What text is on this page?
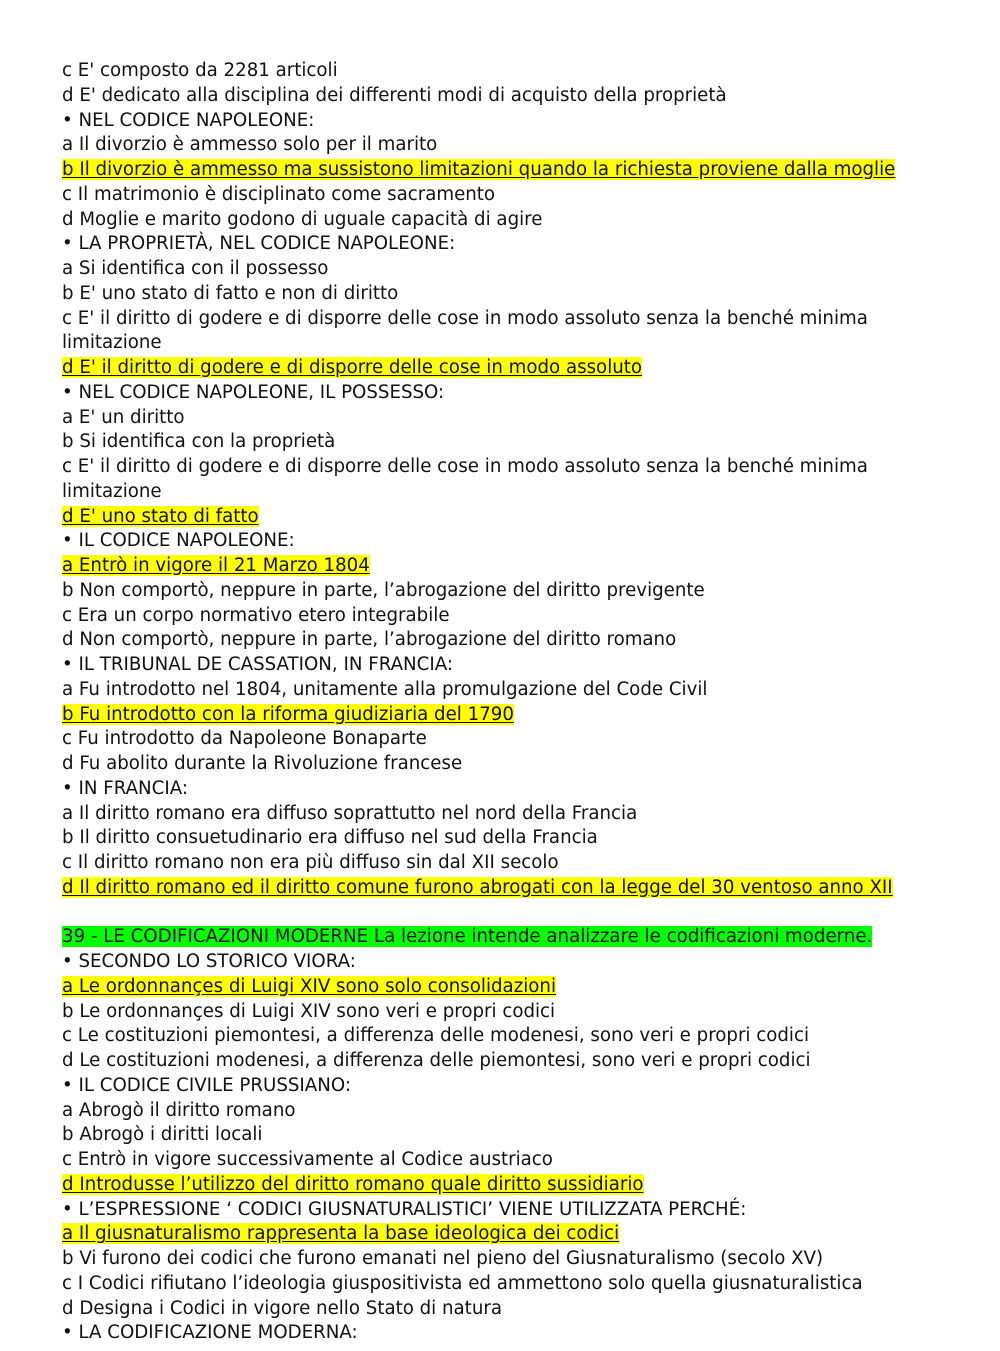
c E' composto da 2281 articoli
d E' dedicato alla disciplina dei differenti modi di acquisto della proprietà
• NEL CODICE NAPOLEONE:
a Il divorzio è ammesso solo per il marito
b Il divorzio è ammesso ma sussistono limitazioni quando la richiesta proviene dalla moglie
c Il matrimonio è disciplinato come sacramento
d Moglie e marito godono di uguale capacità di agire
• LA PROPRIETÀ, NEL CODICE NAPOLEONE:
a Si identifica con il possesso
b E' uno stato di fatto e non di diritto
c E' il diritto di godere e di disporre delle cose in modo assoluto senza la benché minima
limitazione
d E' il diritto di godere e di disporre delle cose in modo assoluto
• NEL CODICE NAPOLEONE, IL POSSESSO:
a E' un diritto
b Si identifica con la proprietà
c E' il diritto di godere e di disporre delle cose in modo assoluto senza la benché minima
limitazione
d E' uno stato di fatto
• IL CODICE NAPOLEONE:
a Entrò in vigore il 21 Marzo 1804
b Non comportò, neppure in parte, l’abrogazione del diritto previgente
c Era un corpo normativo etero integrabile
d Non comportò, neppure in parte, l’abrogazione del diritto romano
• IL TRIBUNAL DE CASSATION, IN FRANCIA:
a Fu introdotto nel 1804, unitamente alla promulgazione del Code Civil
b Fu introdotto con la riforma giudiziaria del 1790
c Fu introdotto da Napoleone Bonaparte
d Fu abolito durante la Rivoluzione francese
• IN FRANCIA:
a Il diritto romano era diffuso soprattutto nel nord della Francia
b Il diritto consuetudinario era diffuso nel sud della Francia
c Il diritto romano non era più diffuso sin dal XII secolo
d Il diritto romano ed il diritto comune furono abrogati con la legge del 30 ventoso anno XII
39 - LE CODIFICAZIONI MODERNE La lezione intende analizzare le codificazioni moderne.
• SECONDO LO STORICO VIORA:
a Le ordonnançes di Luigi XIV sono solo consolidazioni
b Le ordonnançes di Luigi XIV sono veri e propri codici
c Le costituzioni piemontesi, a differenza delle modenesi, sono veri e propri codici
d Le costituzioni modenesi, a differenza delle piemontesi, sono veri e propri codici
• IL CODICE CIVILE PRUSSIANO:
a Abrogò il diritto romano
b Abrogò i diritti locali
c Entrò in vigore successivamente al Codice austriaco
d Introdusse l’utilizzo del diritto romano quale diritto sussidiario
• L’ESPRESSIONE ‘ CODICI GIUSNATURALISTICI’ VIENE UTILIZZATA PERCHÉ:
a Il giusnaturalismo rappresenta la base ideologica dei codici
b Vi furono dei codici che furono emanati nel pieno del Giusnaturalismo (secolo XV)
c I Codici rifiutano l’ideologia giuspositivista ed ammettono solo quella giusnaturalistica
d Designa i Codici in vigore nello Stato di natura
• LA CODIFICAZIONE MODERNA:
